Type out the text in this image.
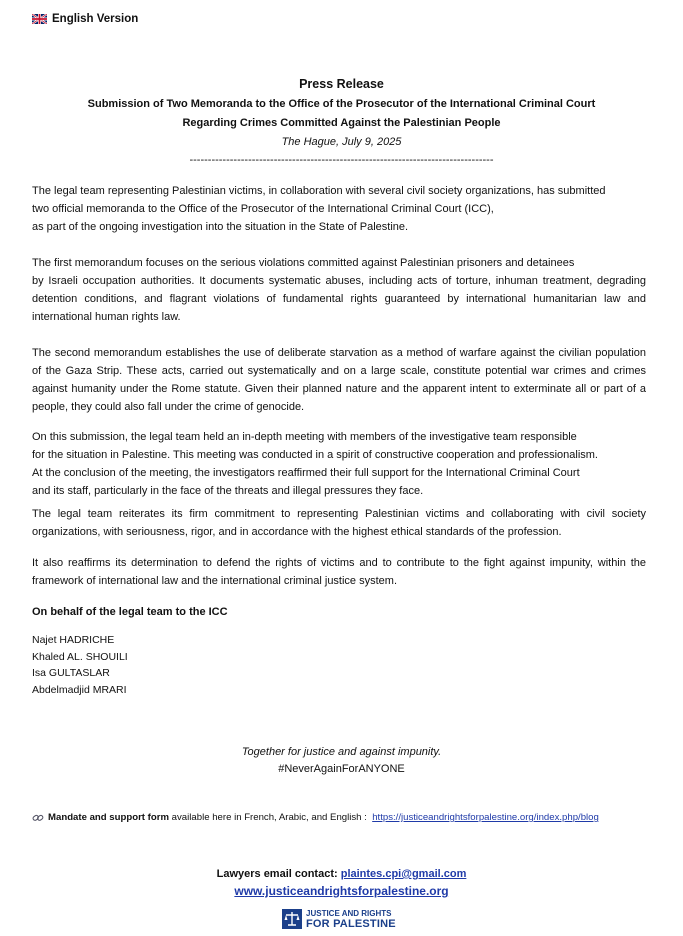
English Version
Press Release
Submission of Two Memoranda to the Office of the Prosecutor of the International Criminal Court
Regarding Crimes Committed Against the Palestinian People
The Hague, July 9, 2025
-----------------------------------------------------------------------------------
The legal team representing Palestinian victims, in collaboration with several civil society organizations, has submitted
two official memoranda to the Office of the Prosecutor of the International Criminal Court (ICC),
as part of the ongoing investigation into the situation in the State of Palestine.
The first memorandum focuses on the serious violations committed against Palestinian prisoners and detainees

by Israeli occupation authorities. It documents systematic abuses, including acts of torture, inhuman treatment, degrading detention conditions, and flagrant violations of fundamental rights guaranteed by international humanitarian law and international human rights law.

The second memorandum establishes the use of deliberate starvation as a method of warfare against the civilian population of the Gaza Strip. These acts, carried out systematically and on a large scale, constitute potential war crimes and crimes against humanity under the Rome statute. Given their planned nature and the apparent intent to exterminate all or part of a people, they could also fall under the crime of genocide.

On this submission, the legal team held an in-depth meeting with members of the investigative team responsible
for the situation in Palestine. This meeting was conducted in a spirit of constructive cooperation and professionalism.
At the conclusion of the meeting, the investigators reaffirmed their full support for the International Criminal Court
and its staff, particularly in the face of the threats and illegal pressures they face.

The legal team reiterates its firm commitment to representing Palestinian victims and collaborating with civil society organizations, with seriousness, rigor, and in accordance with the highest ethical standards of the profession.

It also reaffirms its determination to defend the rights of victims and to contribute to the fight against impunity, within the framework of international law and the international criminal justice system.

On behalf of the legal team to the ICC
Najet HADRICHE
Khaled AL. SHOUILI
Isa GULTASLAR
Abdelmadjid MRARI
Together for justice and against impunity.
#NeverAgainForANYONE
Mandate and support form available here in French, Arabic, and English : https://justiceandrightsforpalestine.org/index.php/blog
Lawyers email contact: plaintes.cpi@gmail.com
www.justiceandrightsforpalestine.org
JUSTICE AND RIGHTS
FOR PALESTINE
